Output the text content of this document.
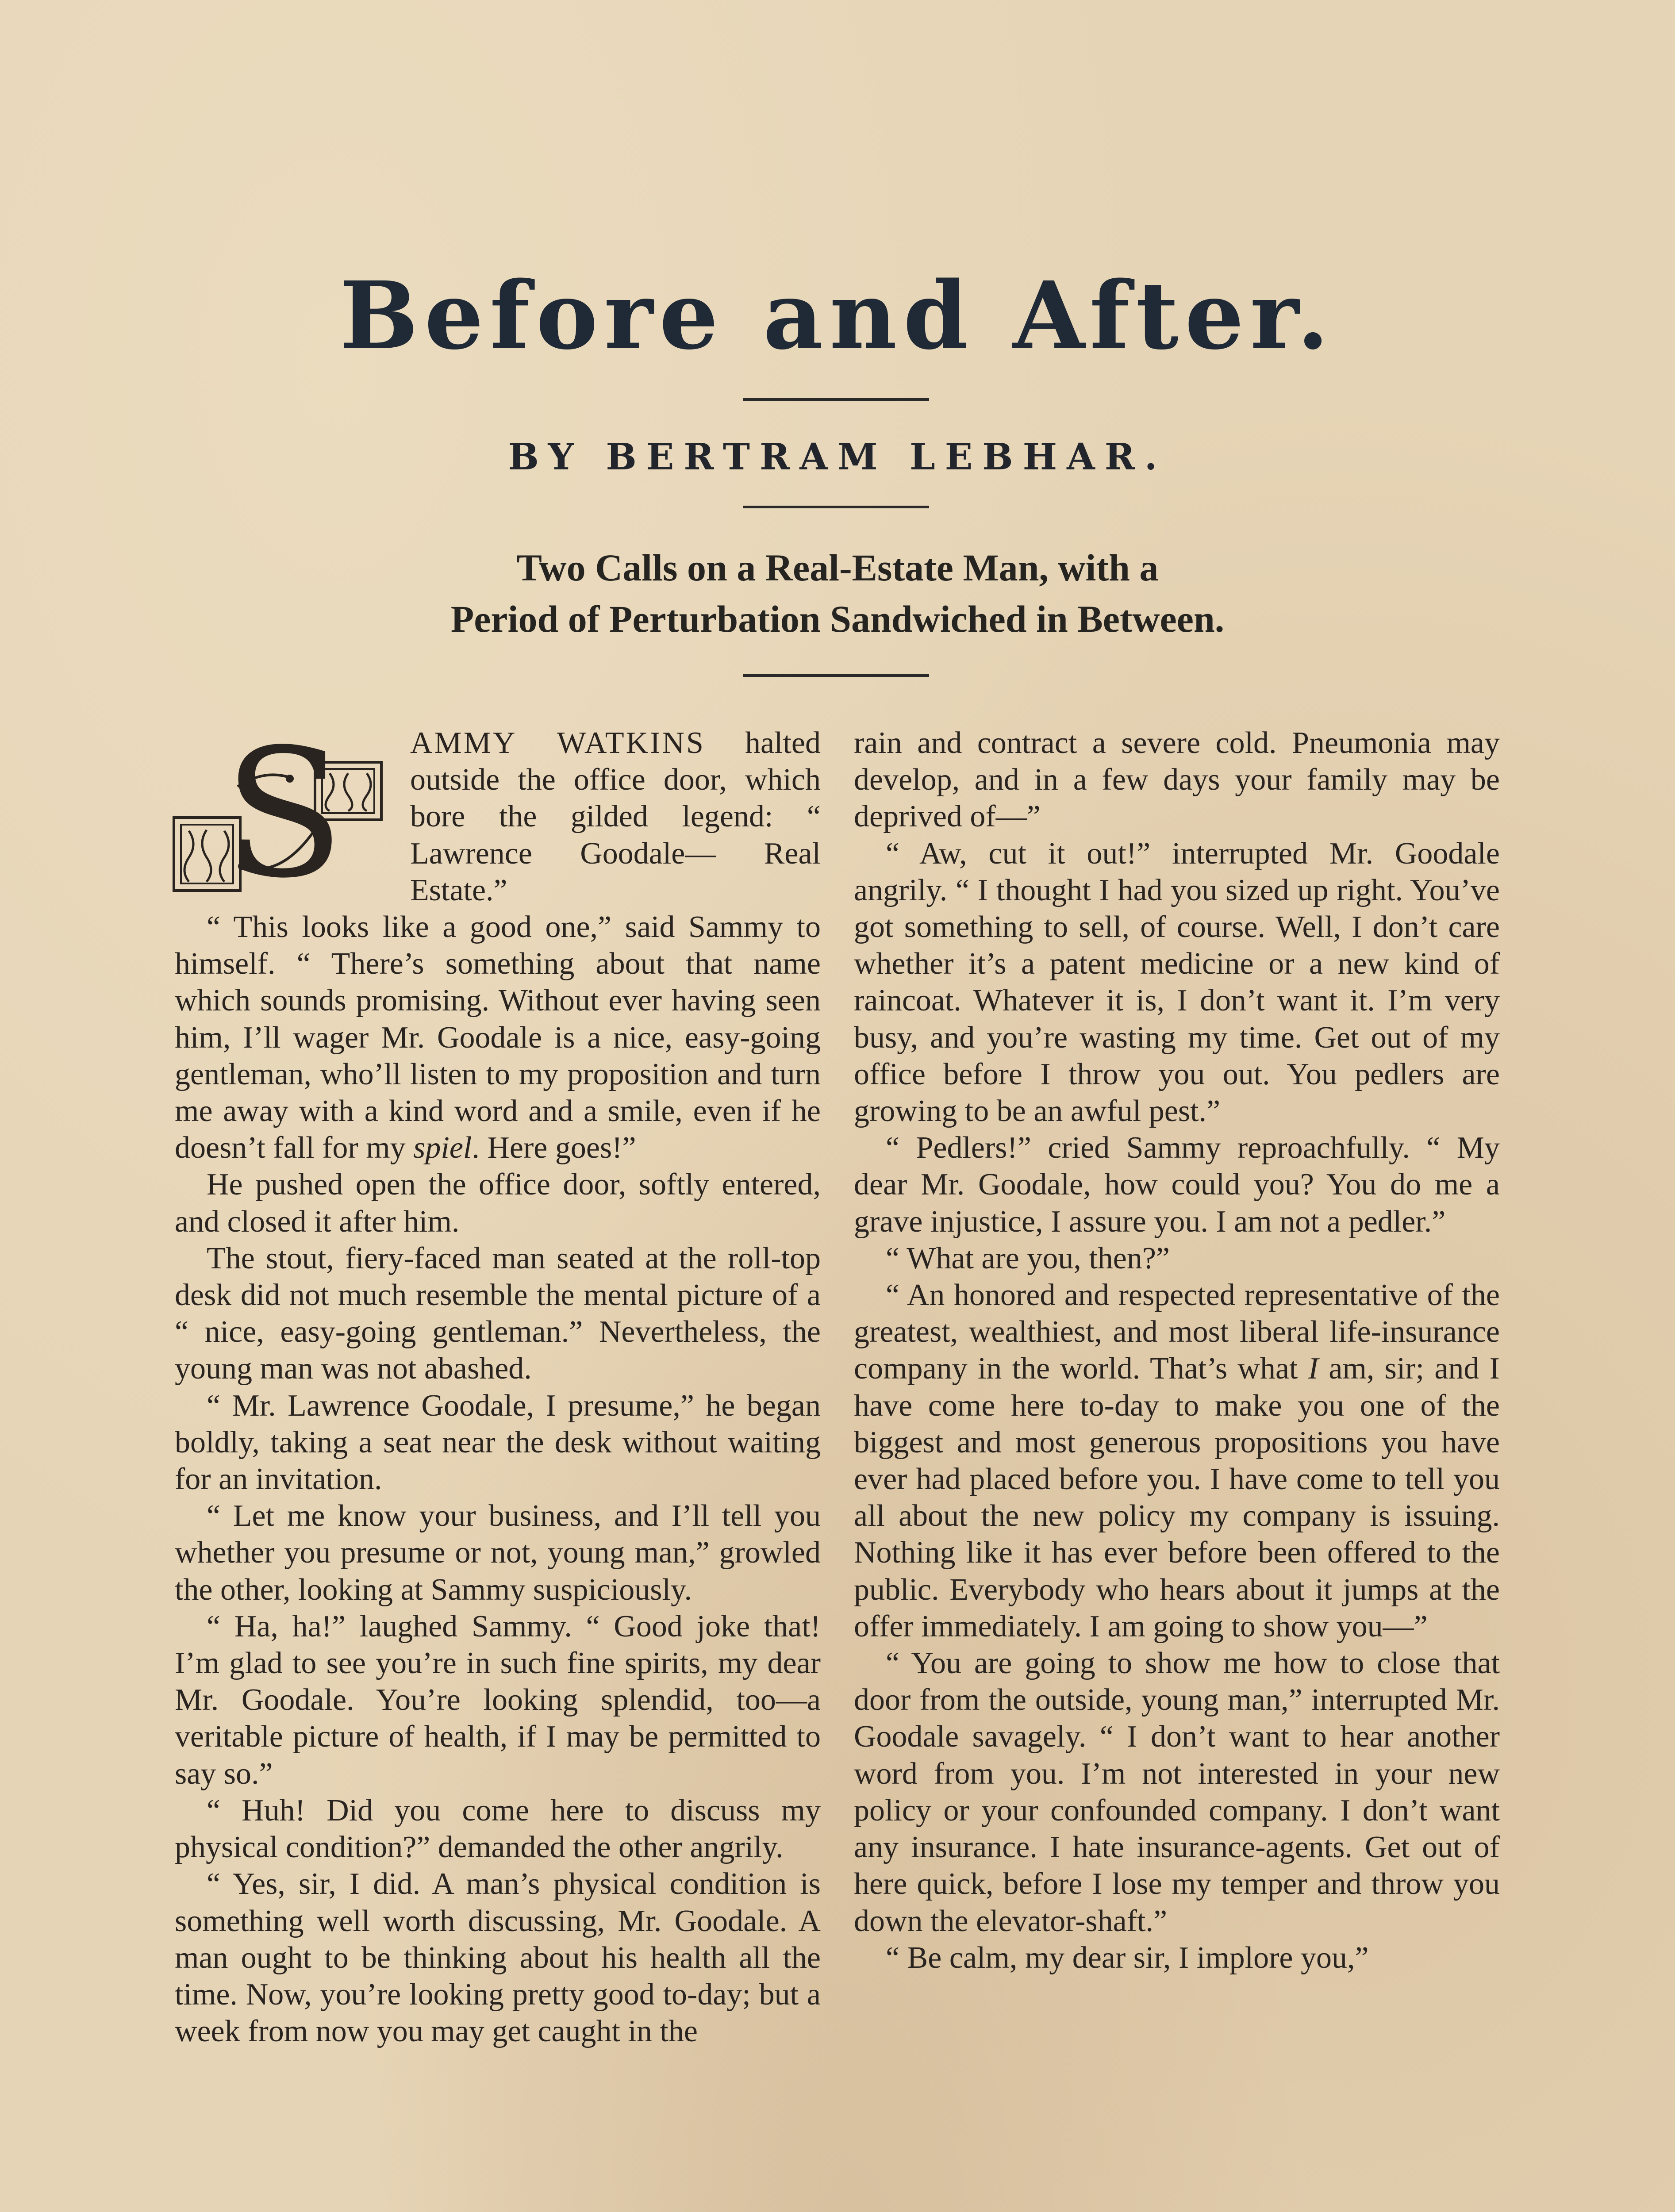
Before and After.
BY BERTRAM LEBHAR.
Two Calls on a Real-Estate Man, with a
Period of Perturbation Sandwiched in Between.
S	AMMY WATKINS halted outside the office door, which bore the gilded legend: “ Lawrence Goodale— Real Estate.”

“ This looks like a good one,” said Sammy to himself. “ There’s something about that name which sounds promising. Without ever having seen him, I’ll wager Mr. Goodale is a nice, easy-going gentleman, who’ll listen to my proposition and turn me away with a kind word and a smile, even if he doesn’t fall for my spiel. Here goes!”

He pushed open the office door, softly entered, and closed it after him.

The stout, fiery-faced man seated at the roll-top desk did not much resemble the mental picture of a “ nice, easy-going gentleman.” Nevertheless, the young man was not abashed.

“ Mr. Lawrence Goodale, I presume,” he began boldly, taking a seat near the desk without waiting for an invitation.

“ Let me know your business, and I’ll tell you whether you presume or not, young man,” growled the other, looking at Sammy suspiciously.

“ Ha, ha!” laughed Sammy. “ Good joke that! I’m glad to see you’re in such fine spirits, my dear Mr. Goodale. You’re looking splendid, too—a veritable picture of health, if I may be permitted to say so.”

“ Huh! Did you come here to discuss my physical condition?” demanded the other angrily.

“ Yes, sir, I did. A man’s physical condition is something well worth discussing, Mr. Goodale. A man ought to be thinking about his health all the time. Now, you’re looking pretty good to-day; but a week from now you may get caught in the

rain and contract a severe cold. Pneumonia may develop, and in a few days your family may be deprived of—”

“ Aw, cut it out!” interrupted Mr. Goodale angrily. “ I thought I had you sized up right. You’ve got something to sell, of course. Well, I don’t care whether it’s a patent medicine or a new kind of raincoat. Whatever it is, I don’t want it. I’m very busy, and you’re wasting my time. Get out of my office before I throw you out. You pedlers are growing to be an awful pest.”

“ Pedlers!” cried Sammy reproachfully. “ My dear Mr. Goodale, how could you? You do me a grave injustice, I assure you. I am not a pedler.”

“ What are you, then?”

“ An honored and respected representative of the greatest, wealthiest, and most liberal life-insurance company in the world. That’s what I am, sir; and I have come here to-day to make you one of the biggest and most generous propositions you have ever had placed before you. I have come to tell you all about the new policy my company is issuing. Nothing like it has ever before been offered to the public. Everybody who hears about it jumps at the offer immediately. I am going to show you—”

“ You are going to show me how to close that door from the outside, young man,” interrupted Mr. Goodale savagely. “ I don’t want to hear another word from you. I’m not interested in your new policy or your confounded company. I don’t want any insurance. I hate insurance-agents. Get out of here quick, before I lose my temper and throw you down the elevator-shaft.”

“ Be calm, my dear sir, I implore you,”
